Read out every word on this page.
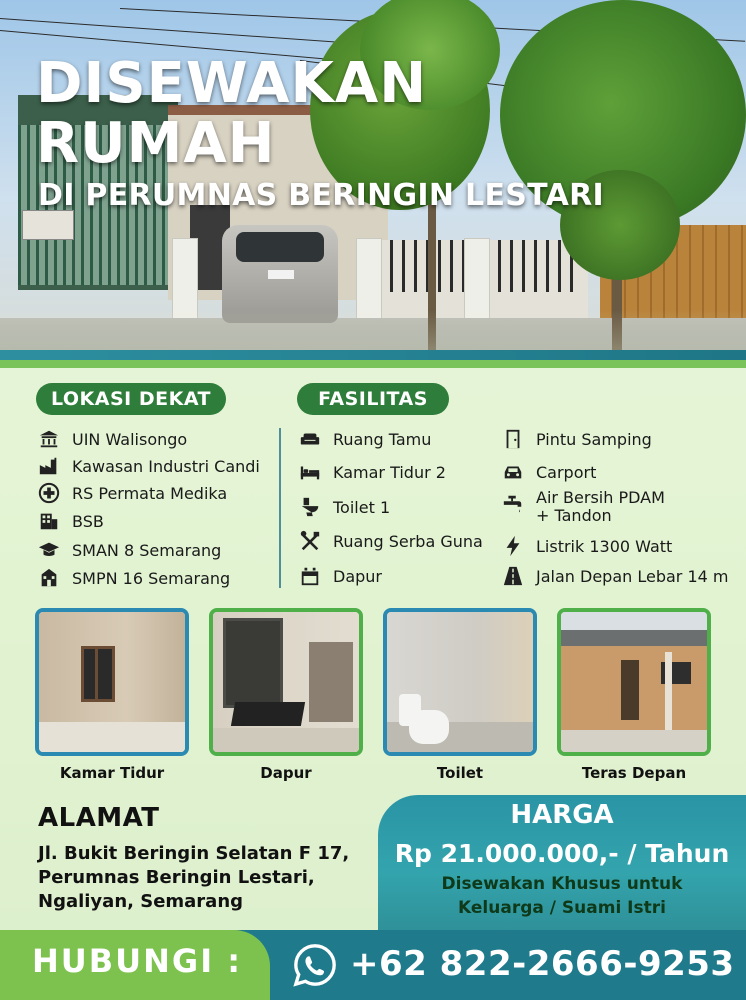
DISEWAKAN
RUMAH
DI PERUMNAS BERINGIN LESTARI
LOKASI DEKAT
UIN Walisongo
Kawasan Industri Candi
RS Permata Medika
BSB
SMAN 8 Semarang
SMPN 16 Semarang
FASILITAS
Ruang Tamu
Kamar Tidur 2
Toilet 1
Ruang Serba Guna
Dapur
Pintu Samping
Carport
Air Bersih PDAM
+ Tandon
Listrik 1300 Watt
Jalan Depan Lebar 14 m
Kamar Tidur	Dapur	Toilet	Teras Depan
ALAMAT
Jl. Bukit Beringin Selatan F 17,
Perumnas Beringin Lestari,
Ngaliyan, Semarang
HARGA
Rp 21.000.000,- / Tahun
Disewakan Khusus untuk
Keluarga / Suami Istri
HUBUNGI :	+62 822-2666-9253
